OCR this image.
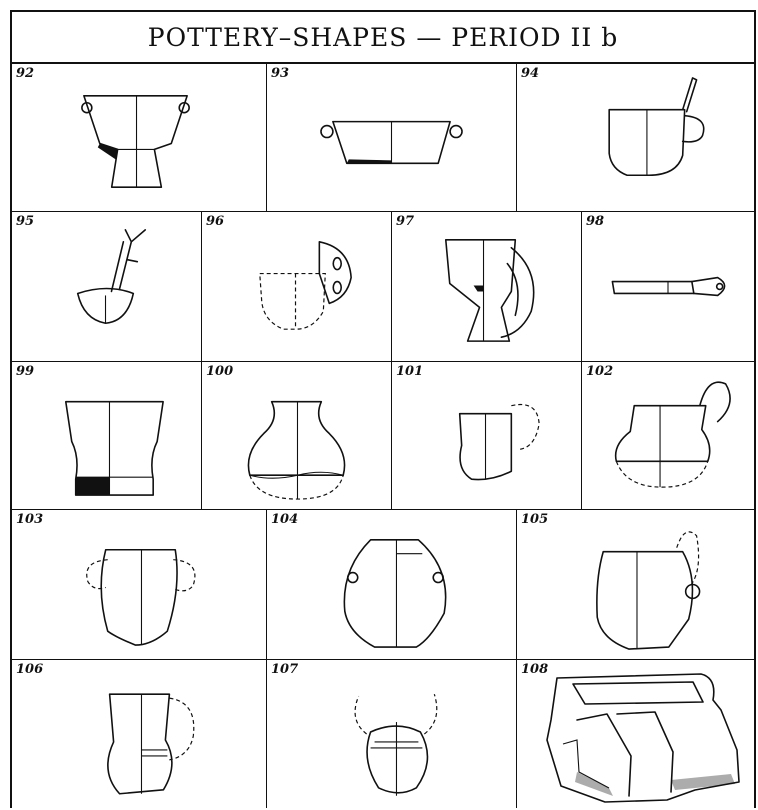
POTTERY–SHAPES — PERIOD II b
92	93	94
95	96	97	98
99	100	101	102
103	104	105
106	107	108
